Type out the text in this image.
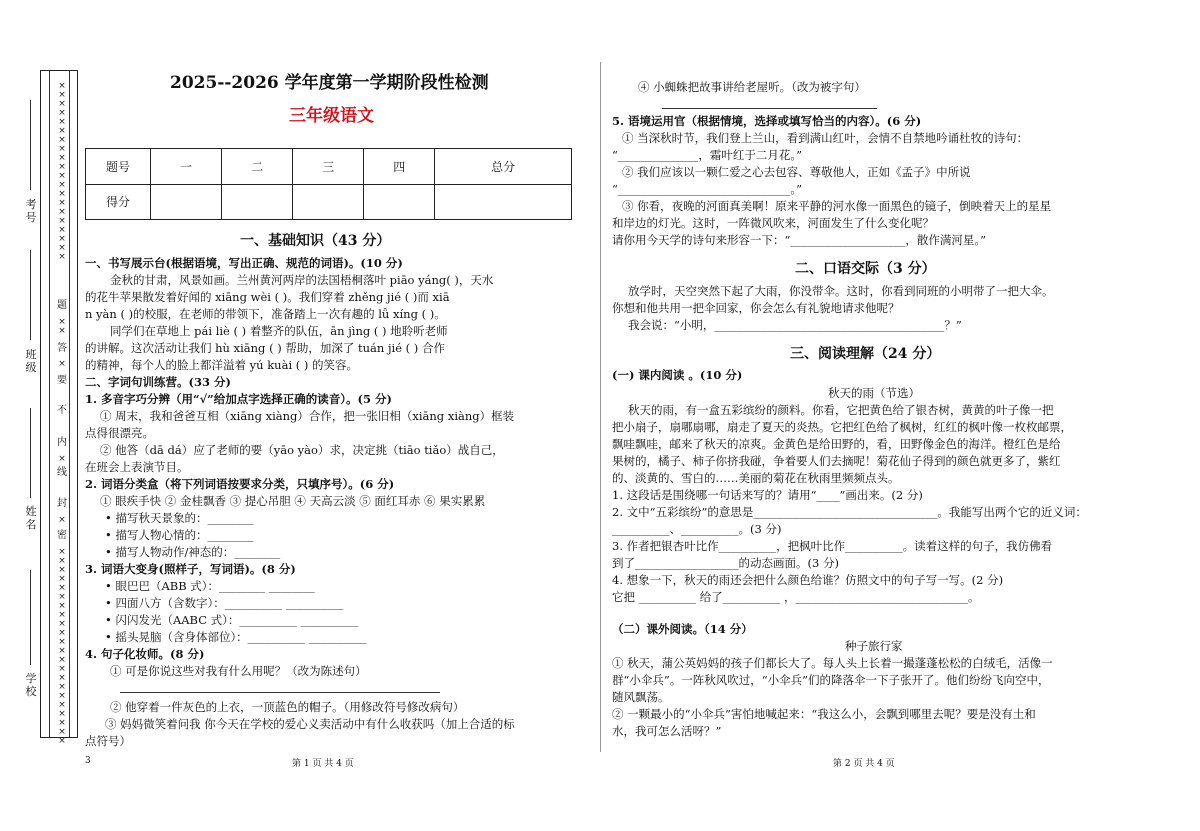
××××××××××××××××××××
题
××
答
要
不
内
线
封
密
××××××××××××××××××××××
×
×
×
考号
班级
姓名
学校
2025--2026 学年度第一学期阶段性检测
三年级语文
题号	一	二	三	四	总分
得分					
一、基础知识（43 分）
一、书写展示台(根据语境，写出正确、规范的词语)。(10 分)
金秋的甘肃，风景如画。兰州黄河两岸的法国梧桐落叶 piāo yáng( )，天水
的花牛苹果散发着好闻的 xiāng wèi ( )。我们穿着 zhěng jié ( )而 xiā
n yàn ( )的校服，在老师的带领下，准备踏上一次有趣的 lǚ xíng ( )。
同学们在草地上 pái liè ( ) 着整齐的队伍，ān jìng ( ) 地聆听老师
的讲解。这次活动让我们 hù xiāng ( ) 帮助，加深了 tuán jié ( ) 合作
的精神，每个人的脸上都洋溢着 yú kuài ( ) 的笑容。
二、字词句训练营。(33 分)
1. 多音字巧分辨（用“√”给加点字选择正确的读音）。(5 分)
① 周末，我和爸爸互相（xiāng xiàng）合作，把一张旧相（xiāng xiàng）框装
点得很漂亮。
② 他答（dā dá）应了老师的要（yāo yào）求，决定挑（tiāo tiǎo）战自己，
在班会上表演节目。
2. 词语分类盒（将下列词语按要求分类，只填序号）。(6 分)
① 眼疾手快 ② 金桂飘香 ③ 提心吊胆 ④ 天高云淡 ⑤ 面红耳赤 ⑥ 果实累累
• 描写秋天景象的：________
• 描写人物心情的：________
• 描写人物动作/神态的：________
3. 词语大变身(照样子，写词语)。(8 分)
• 眼巴巴（ABB 式）：________ ________
• 四面八方（含数字）：__________ __________
• 闪闪发光（AABC 式）：__________ __________
• 摇头晃脑（含身体部位）：__________ __________
4. 句子化妆师。(8 分)
① 可是你说这些对我有什么用呢？（改为陈述句）
② 他穿着一件灰色的上衣，一顶蓝色的帽子。（用修改符号修改病句）
③ 妈妈微笑着问我 你今天在学校的爱心义卖活动中有什么收获吗（加上合适的标
点符号）
3	第 1 页 共 4 页
④ 小蜘蛛把故事讲给老屋听。（改为被字句）
5. 语境运用官（根据情境，选择或填写恰当的内容）。(6 分)
① 当深秋时节，我们登上兰山，看到满山红叶，会情不自禁地吟诵杜牧的诗句：
“______________，霜叶红于二月花。”
② 我们应该以一颗仁爱之心去包容、尊敬他人，正如《孟子》中所说
“______________________________。”
③ 你看，夜晚的河面真美啊！原来平静的河水像一面黑色的镜子，倒映着天上的星星
和岸边的灯光。这时，一阵微风吹来，河面发生了什么变化呢？
请你用今天学的诗句来形容一下：“____________________，散作满河星。”
二、口语交际（3 分）
放学时，天空突然下起了大雨，你没带伞。这时，你看到同班的小明带了一把大伞。
你想和他共用一把伞回家，你会怎么有礼貌地请求他呢？
我会说：“小明，________________________________________？”
三、阅读理解（24 分）
(一) 课内阅读 。(10 分)
秋天的雨（节选）
秋天的雨，有一盒五彩缤纷的颜料。你看，它把黄色给了银杏树，黄黄的叶子像一把
把小扇子，扇哪扇哪，扇走了夏天的炎热。它把红色给了枫树，红红的枫叶像一枚枚邮票，
飘哇飘哇，邮来了秋天的凉爽。金黄色是给田野的，看，田野像金色的海洋。橙红色是给
果树的，橘子、柿子你挤我碰，争着要人们去摘呢！菊花仙子得到的颜色就更多了，紫红
的、淡黄的、雪白的……美丽的菊花在秋雨里频频点头。
1. 这段话是围绕哪一句话来写的？请用“____”画出来。(2 分)
2. 文中“五彩缤纷”的意思是________________________________。我能写出两个它的近义词：
__________、__________。(3 分)
3. 作者把银杏叶比作__________，把枫叶比作__________。读着这样的句子，我仿佛看
到了__________________的动态画面。(3 分)
4. 想象一下，秋天的雨还会把什么颜色给谁？仿照文中的句子写一写。(2 分)
它把 __________ 给了__________ ，______________________________。
（二）课外阅读。（14 分）
种子旅行家
① 秋天，蒲公英妈妈的孩子们都长大了。每人头上长着一撮蓬蓬松松的白绒毛，活像一
群“小伞兵”。一阵秋风吹过，“小伞兵”们的降落伞一下子张开了。他们纷纷飞向空中，
随风飘荡。
② 一颗最小的“小伞兵”害怕地喊起来：“我这么小，会飘到哪里去呢？要是没有土和
水，我可怎么活呀？”
第 2 页 共 4 页
